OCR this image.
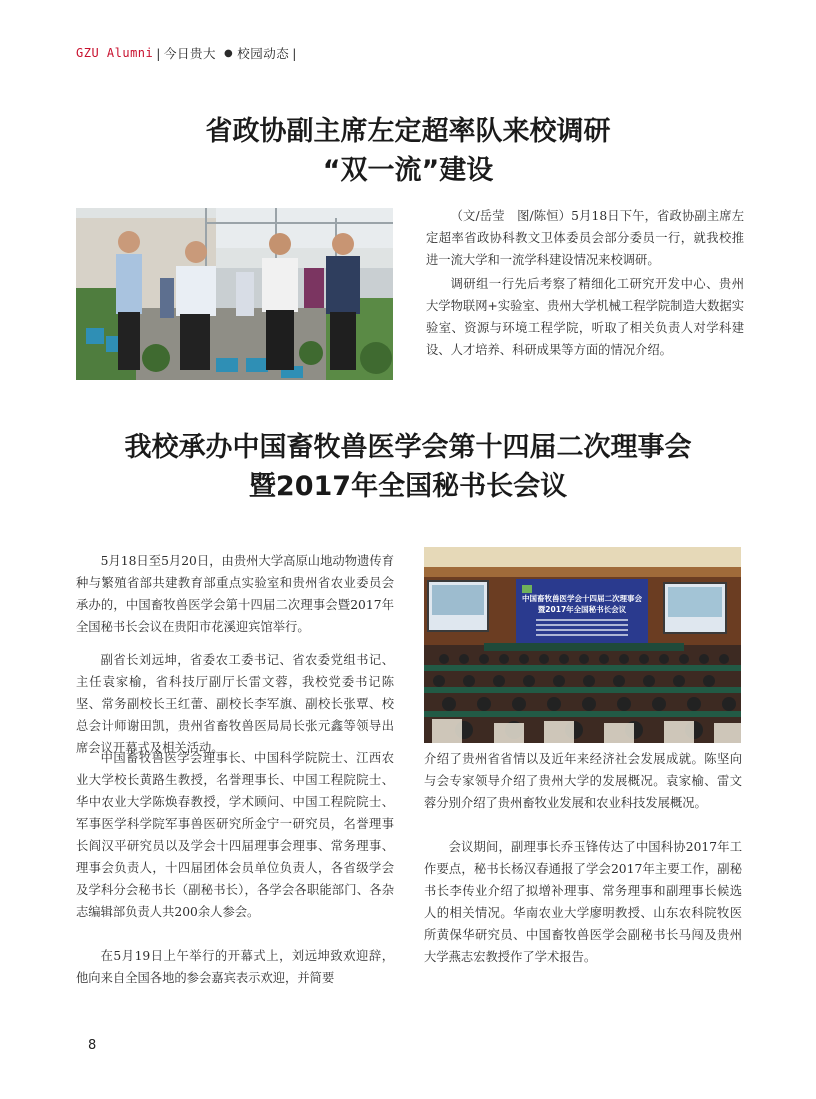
GZU Alumni | 今日贵大 ● 校园动态 |
省政协副主席左定超率队来校调研
“双一流”建设

（文/岳莹　图/陈恒）5月18日下午，省政协副主席左定超率省政协科教文卫体委员会部分委员一行，就我校推进一流大学和一流学科建设情况来校调研。

调研组一行先后考察了精细化工研究开发中心、贵州大学物联网+实验室、贵州大学机械工程学院制造大数据实验室、资源与环境工程学院，听取了相关负责人对学科建设、人才培养、科研成果等方面的情况介绍。

我校承办中国畜牧兽医学会第十四届二次理事会
暨2017年全国秘书长会议

5月18日至5月20日，由贵州大学高原山地动物遗传育种与繁殖省部共建教育部重点实验室和贵州省农业委员会承办的，中国畜牧兽医学会第十四届二次理事会暨2017年全国秘书长会议在贵阳市花溪迎宾馆举行。

副省长刘远坤，省委农工委书记、省农委党组书记、主任袁家榆，省科技厅副厅长雷文蓉，我校党委书记陈坚、常务副校长王红蕾、副校长李军旗、副校长张覃、校总会计师谢田凯，贵州省畜牧兽医局局长张元鑫等领导出席会议开幕式及相关活动。

中国畜牧兽医学会理事长、中国科学院院士、江西农业大学校长黄路生教授，名誉理事长、中国工程院院士、华中农业大学陈焕春教授，学术顾问、中国工程院院士、军事医学科学院军事兽医研究所金宁一研究员，名誉理事长阎汉平研究员以及学会十四届理事会理事、常务理事、理事会负责人，十四届团体会员单位负责人，各省级学会及学科分会秘书长（副秘书长），各学会各职能部门、各杂志编辑部负责人共200余人参会。

在5月19日上午举行的开幕式上，刘远坤致欢迎辞，他向来自全国各地的参会嘉宾表示欢迎，并简要

中国畜牧兽医学会十四届二次理事会
暨2017年全国秘书长会议

介绍了贵州省省情以及近年来经济社会发展成就。陈坚向与会专家领导介绍了贵州大学的发展概况。袁家榆、雷文蓉分别介绍了贵州畜牧业发展和农业科技发展概况。

会议期间，副理事长乔玉锋传达了中国科协2017年工作要点，秘书长杨汉春通报了学会2017年主要工作，副秘书长李传业介绍了拟增补理事、常务理事和副理事长候选人的相关情况。华南农业大学廖明教授、山东农科院牧医所黄保华研究员、中国畜牧兽医学会副秘书长马闯及贵州大学燕志宏教授作了学术报告。

8
